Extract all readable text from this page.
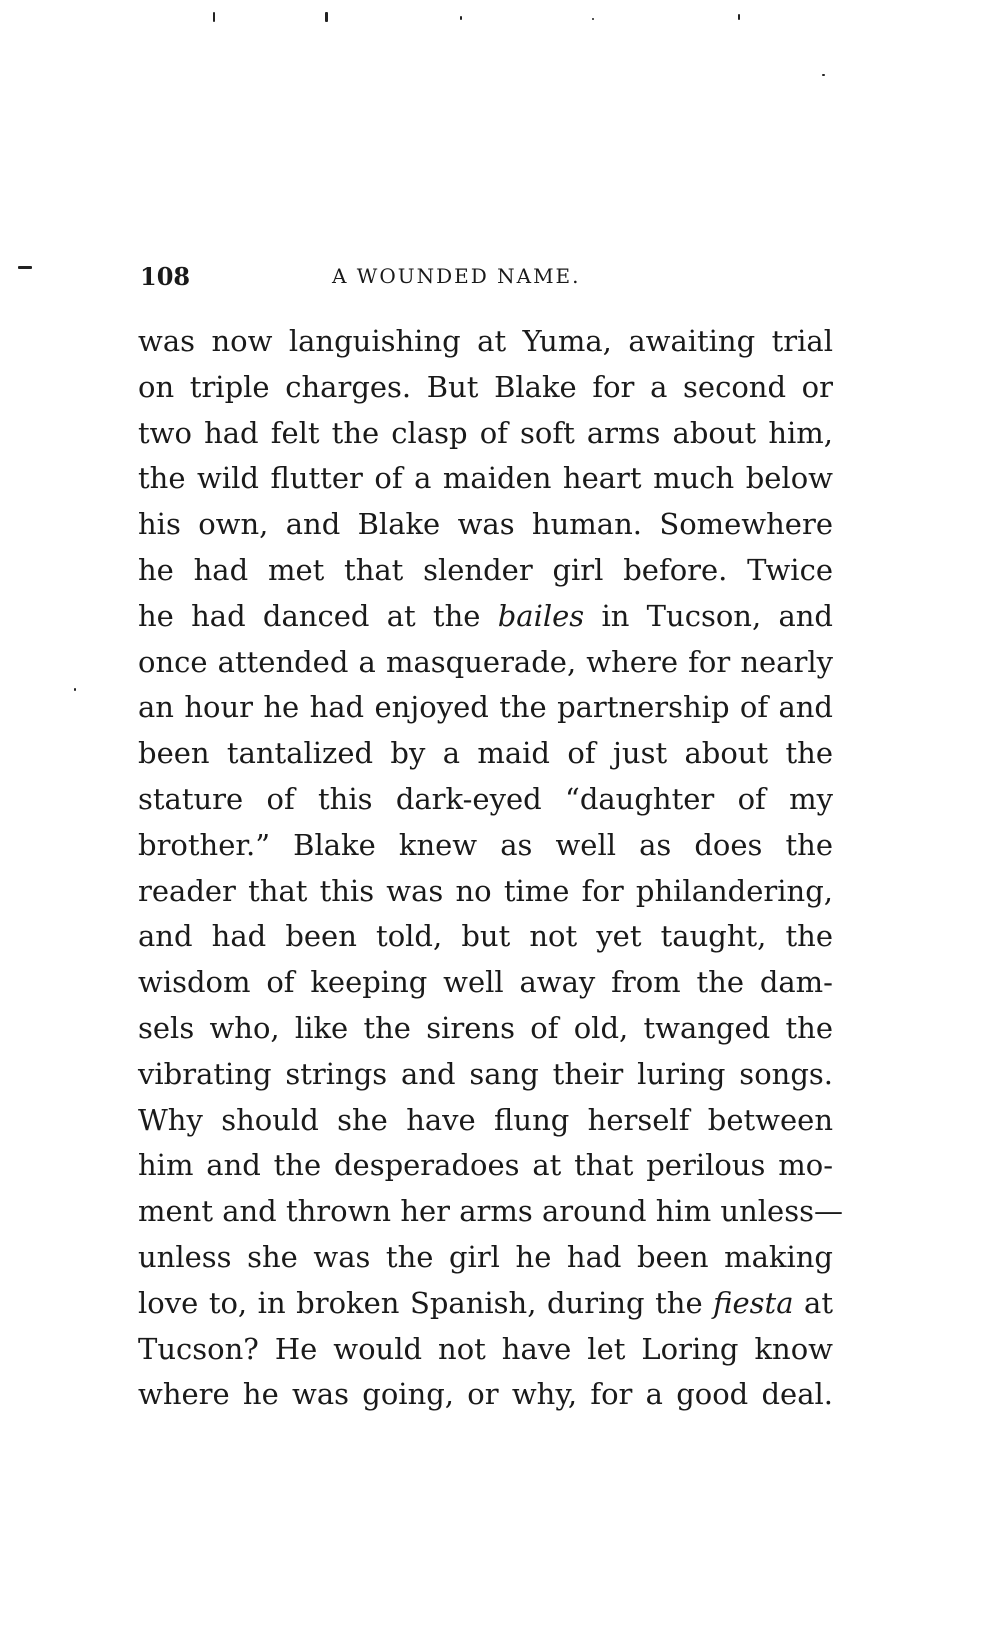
108	A WOUNDED NAME.
was now languishing at Yuma, awaiting trial
on triple charges. But Blake for a second or
two had felt the clasp of soft arms about him,
the wild flutter of a maiden heart much below
his own, and Blake was human. Somewhere
he had met that slender girl before. Twice
he had danced at the bailes in Tucson, and
once attended a masquerade, where for nearly
an hour he had enjoyed the partnership of and
been tantalized by a maid of just about the
stature of this dark-eyed “daughter of my
brother.” Blake knew as well as does the
reader that this was no time for philandering,
and had been told, but not yet taught, the
wisdom of keeping well away from the dam-
sels who, like the sirens of old, twanged the
vibrating strings and sang their luring songs.
Why should she have flung herself between
him and the desperadoes at that perilous mo-
ment and thrown her arms around him unless—
unless she was the girl he had been making
love to, in broken Spanish, during the fiesta at
Tucson? He would not have let Loring know
where he was going, or why, for a good deal.
